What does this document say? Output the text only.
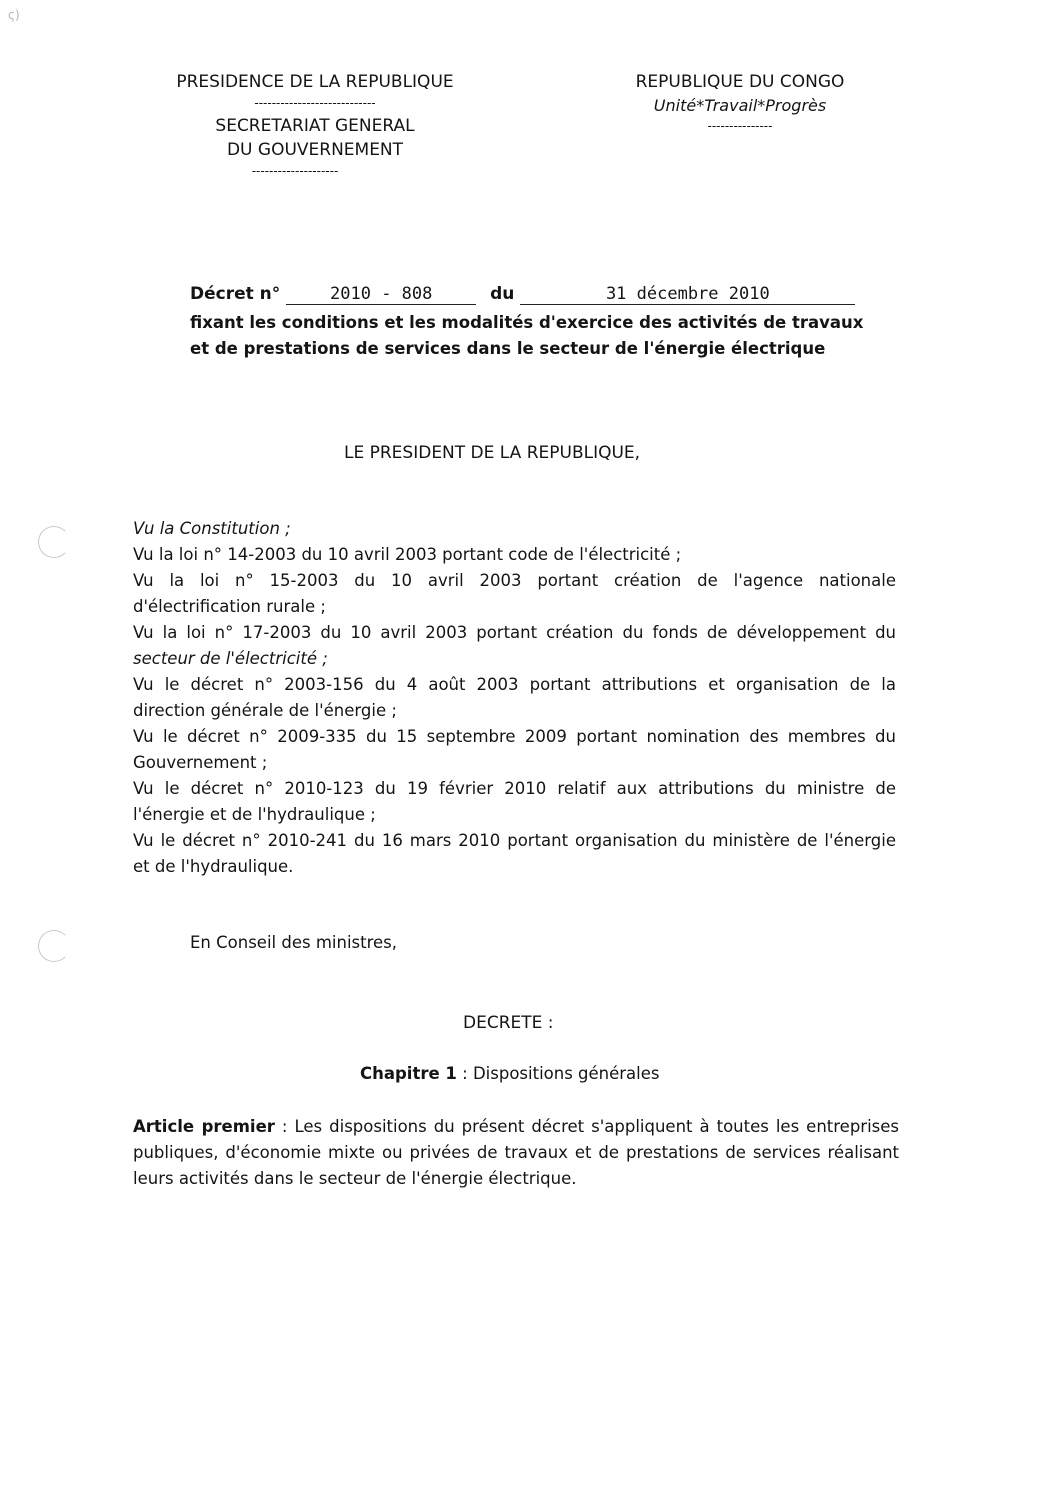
ς)
PRESIDENCE DE LA REPUBLIQUE
----------------------------
SECRETARIAT GENERAL
DU GOUVERNEMENT
--------------------
REPUBLIQUE DU CONGO
Unité*Travail*Progrès
---------------
Décret n°	2010 - 808	du	31 décembre 2010
fixant les conditions et les modalités d'exercice des activités de travaux
et de prestations de services dans le secteur de l'énergie électrique
LE PRESIDENT DE LA REPUBLIQUE,

Vu la Constitution ;

Vu la loi n° 14-2003 du 10 avril 2003 portant code de l'électricité ;

Vu la loi n° 15-2003 du 10 avril 2003 portant création de l'agence nationale

d'électrification rurale ;

Vu la loi n° 17-2003 du 10 avril 2003 portant création du fonds de développement du

secteur de l'électricité ;

Vu le décret n° 2003-156 du 4 août 2003 portant attributions et organisation de la

direction générale de l'énergie ;

Vu le décret n° 2009-335 du 15 septembre 2009 portant nomination des membres du

Gouvernement ;

Vu le décret n° 2010-123 du 19 février 2010 relatif aux attributions du ministre de

l'énergie et de l'hydraulique ;

Vu le décret n° 2010-241 du 16 mars 2010 portant organisation du ministère de l'énergie

et de l'hydraulique.

En Conseil des ministres,
DECRETE :
Chapitre 1 : Dispositions générales
Article premier : Les dispositions du présent décret s'appliquent à toutes les entreprises publiques, d'économie mixte ou privées de travaux et de prestations de services réalisant leurs activités dans le secteur de l'énergie électrique.
